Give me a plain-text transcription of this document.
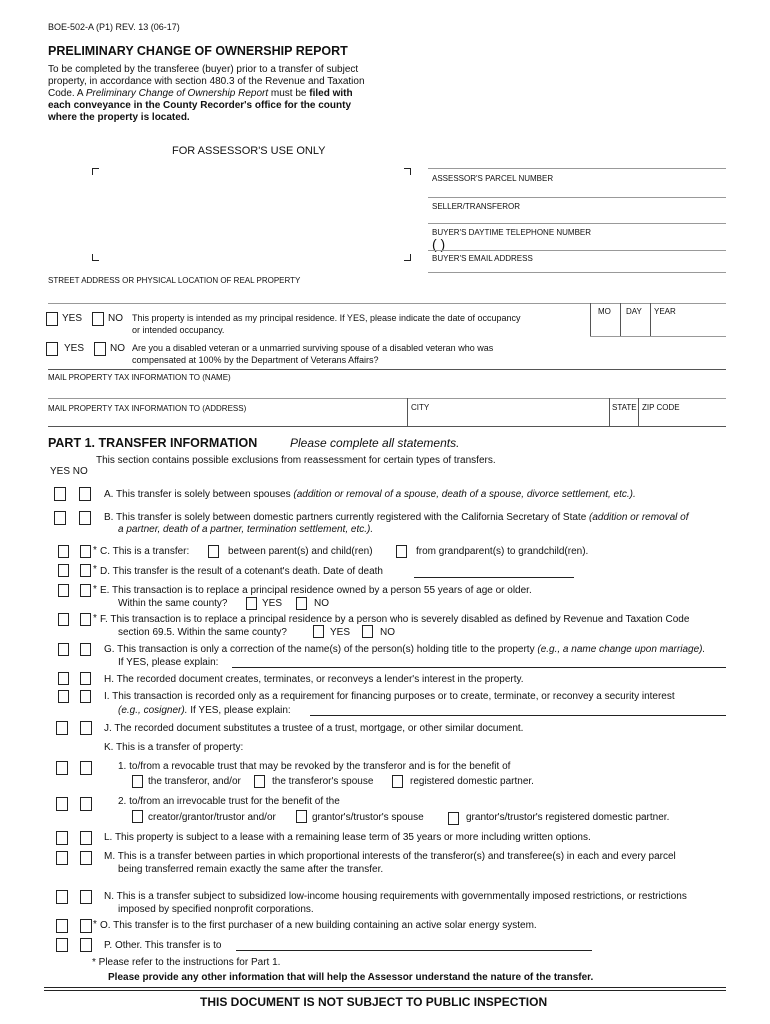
BOE-502-A (P1) REV. 13 (06-17)
PRELIMINARY CHANGE OF OWNERSHIP REPORT
To be completed by the transferee (buyer) prior to a transfer of subject
property, in accordance with section 480.3 of the Revenue and Taxation
Code. A Preliminary Change of Ownership Report must be filed with
each conveyance in the County Recorder's office for the county
where the property is located.
FOR ASSESSOR'S USE ONLY
ASSESSOR'S PARCEL NUMBER
SELLER/TRANSFEROR
BUYER'S DAYTIME TELEPHONE NUMBER
( )
BUYER'S EMAIL ADDRESS
STREET ADDRESS OR PHYSICAL LOCATION OF REAL PROPERTY
YES	NO This property is intended as my principal residence. If YES, please indicate the date of occupancy
or intended occupancy.
MO DAY YEAR
YES	NO Are you a disabled veteran or a unmarried surviving spouse of a disabled veteran who was
compensated at 100% by the Department of Veterans Affairs?
MAIL PROPERTY TAX INFORMATION TO (NAME)
MAIL PROPERTY TAX INFORMATION TO (ADDRESS)	CITY	STATE ZIP CODE
PART 1. TRANSFER INFORMATION	Please complete all statements.
This section contains possible exclusions from reassessment for certain types of transfers.
YES NO
A. This transfer is solely between spouses (addition or removal of a spouse, death of a spouse, divorce settlement, etc.).
B. This transfer is solely between domestic partners currently registered with the California Secretary of State (addition or removal of
a partner, death of a partner, termination settlement, etc.).
* C. This is a transfer:	between parent(s) and child(ren)	from grandparent(s) to grandchild(ren).
* D. This transfer is the result of a cotenant's death. Date of death
* E. This transaction is to replace a principal residence owned by a person 55 years of age or older.
Within the same county?	YES	NO
* F. This transaction is to replace a principal residence by a person who is severely disabled as defined by Revenue and Taxation Code
section 69.5. Within the same county?	YES	NO
G. This transaction is only a correction of the name(s) of the person(s) holding title to the property (e.g., a name change upon marriage).
If YES, please explain:
H. The recorded document creates, terminates, or reconveys a lender's interest in the property.
I. This transaction is recorded only as a requirement for financing purposes or to create, terminate, or reconvey a security interest
(e.g., cosigner). If YES, please explain:
J. The recorded document substitutes a trustee of a trust, mortgage, or other similar document.
K. This is a transfer of property:
1. to/from a revocable trust that may be revoked by the transferor and is for the benefit of
the transferor, and/or	the transferor's spouse	registered domestic partner.
2. to/from an irrevocable trust for the benefit of the
creator/grantor/trustor and/or	grantor's/trustor's spouse	grantor's/trustor's registered domestic partner.
L. This property is subject to a lease with a remaining lease term of 35 years or more including written options.
M. This is a transfer between parties in which proportional interests of the transferor(s) and transferee(s) in each and every parcel
being transferred remain exactly the same after the transfer.
N. This is a transfer subject to subsidized low-income housing requirements with governmentally imposed restrictions, or restrictions
imposed by specified nonprofit corporations.
* O. This transfer is to the first purchaser of a new building containing an active solar energy system.
P. Other. This transfer is to
* Please refer to the instructions for Part 1.
Please provide any other information that will help the Assessor understand the nature of the transfer.
THIS DOCUMENT IS NOT SUBJECT TO PUBLIC INSPECTION
